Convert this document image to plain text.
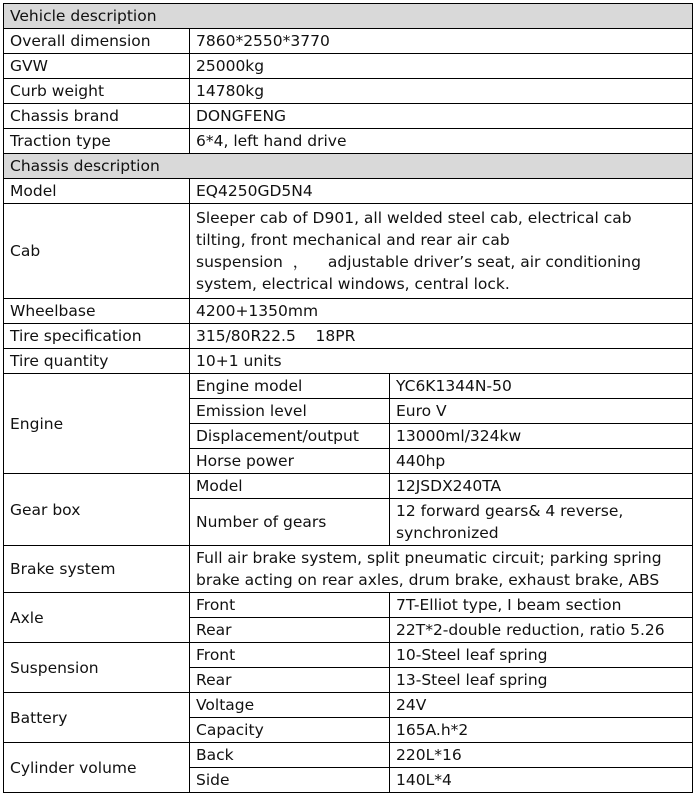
Vehicle description		
Overall dimension	7860*2550*3770	
GVW	25000kg	
Curb weight	14780kg	
Chassis brand	DONGFENG	
Traction type	6*4, left hand drive	
Chassis description		
Model	EQ4250GD5N4	
Cab	Sleeper cab of D901, all welded steel cab, electrical cab tilting, front mechanical and rear air cab suspension  ，    adjustable driver’s seat, air conditioning system, electrical windows, central lock.	
Wheelbase	4200+1350mm	
Tire specification	315/80R22.5    18PR	
Tire quantity	10+1 units	
Engine	Engine model	YC6K1344N-50
	Emission level	Euro V
	Displacement/output	13000ml/324kw
	Horse power	440hp
Gear box	Model	12JSDX240TA
	Number of gears	12 forward gears& 4 reverse, synchronized
Brake system	Full air brake system, split pneumatic circuit; parking spring brake acting on rear axles, drum brake, exhaust brake, ABS	
Axle	Front	7T-Elliot type, I beam section
	Rear	22T*2-double reduction, ratio 5.26
Suspension	Front	10-Steel leaf spring
	Rear	13-Steel leaf spring
Battery	Voltage	24V
	Capacity	165A.h*2
Cylinder volume	Back	220L*16
	Side	140L*4
